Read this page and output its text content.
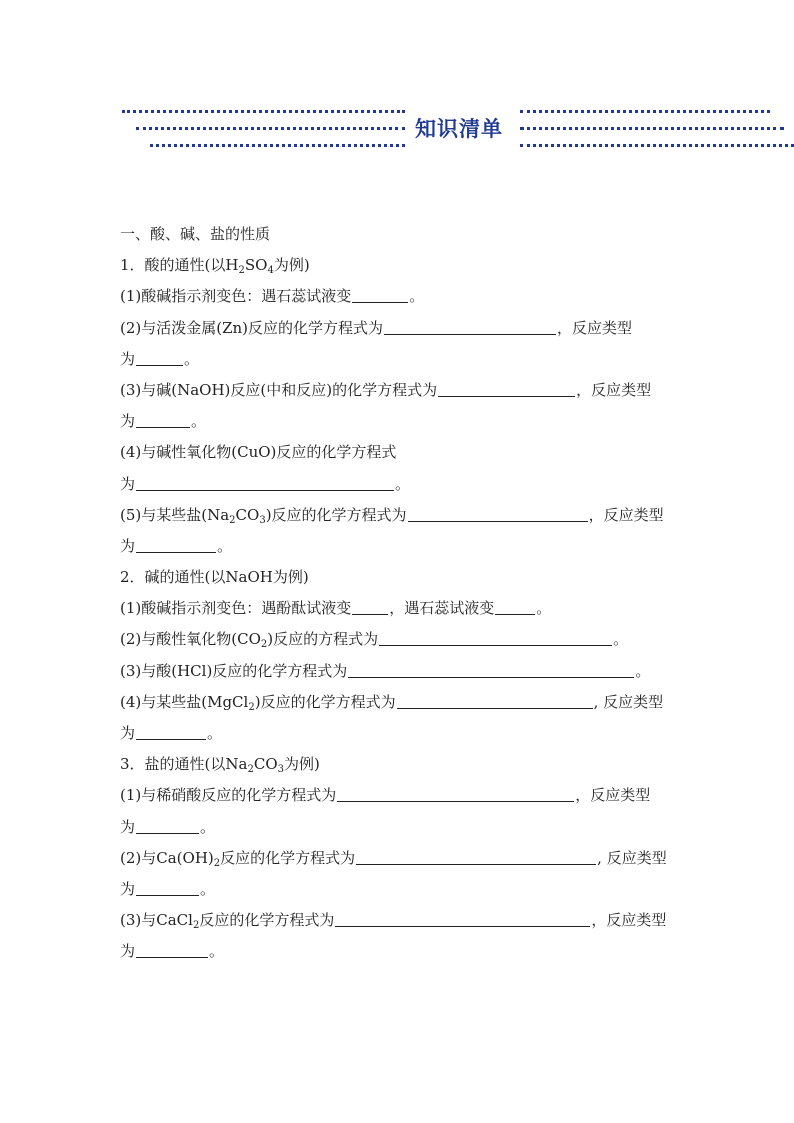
知识清单
一、酸、碱、盐的性质
1．酸的通性(以$H_2SO_4$为例)
(1)酸碱指示剂变色：遇石蕊试液变	。
(2)与活泼金属(Zn)反应的化学方程式为	，反应类型
为	。
(3)与碱(NaOH)反应(中和反应)的化学方程式为	，反应类型
为	。
(4)与碱性氧化物(CuO)反应的化学方程式
为	。
(5)与某些盐$(Na_2CO_3)$反应的化学方程式为	，反应类型
为	。
2．碱的通性(以NaOH为例)
(1)酸碱指示剂变色：遇酚酞试液变	，遇石蕊试液变	。
(2)与酸性氧化物$(CO_2)$反应的方程式为	。
(3)与酸(HCl)反应的化学方程式为	。
(4)与某些盐(MgCl$_2$)反应的化学方程式为	, 反应类型
为	。
3．盐的通性(以$Na_2CO_3$为例)
(1)与稀硝酸反应的化学方程式为	，反应类型
为	。
(2)与$Ca(OH)_2$反应的化学方程式为	, 反应类型
为	。
(3)与CaCl$_2$反应的化学方程式为	，反应类型
为	。
